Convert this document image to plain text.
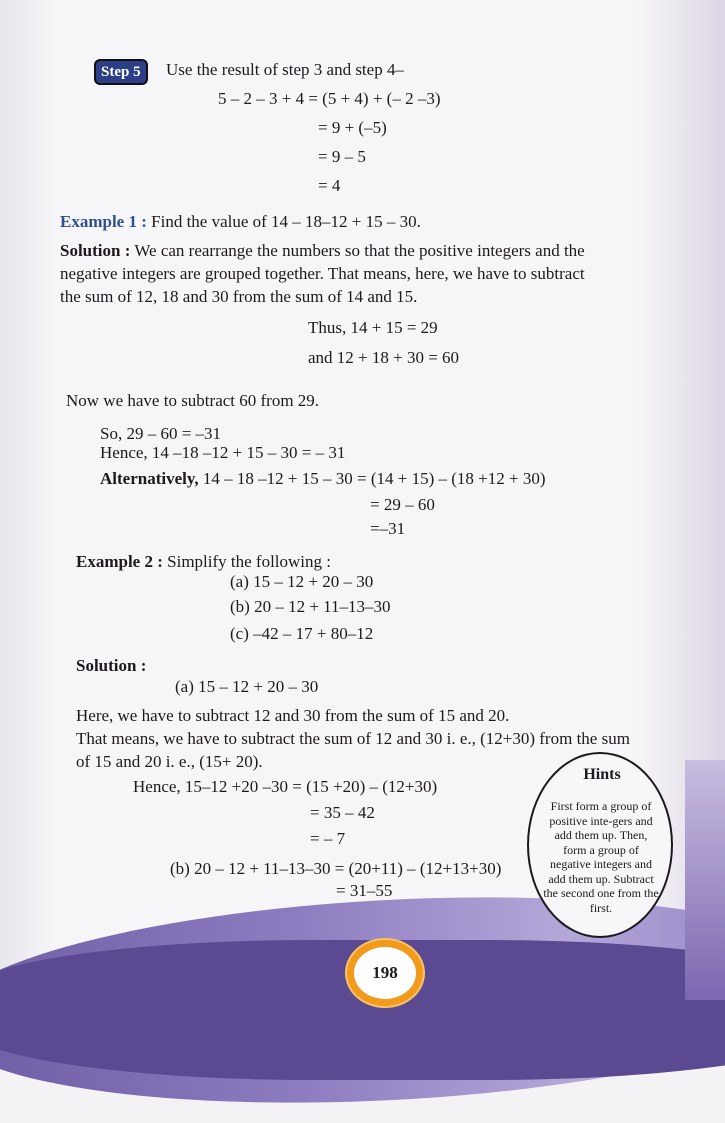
Step 5	Use the result of step 3 and step 4–
5 – 2 – 3 + 4 = (5 + 4) + (– 2 –3)
= 9 + (–5)
= 9 – 5
= 4
Example 1 : Find the value of 14 – 18–12 + 15 – 30.
Solution : We can rearrange the numbers so that the positive integers and the
negative integers are grouped together. That means, here, we have to subtract
the sum of 12, 18 and 30 from the sum of 14 and 15.
Thus, 14 + 15 = 29
and 12 + 18 + 30 = 60
Now we have to subtract 60 from 29.
So, 29 – 60 = –31
Hence, 14 –18 –12 + 15 – 30 = – 31
Alternatively, 14 – 18 –12 + 15 – 30 = (14 + 15) – (18 +12 + 30)
= 29 – 60
=–31
Example 2 : Simplify the following :
(a) 15 – 12 + 20 – 30
(b) 20 – 12 + 11–13–30
(c) –42 – 17 + 80–12
Solution :
(a) 15 – 12 + 20 – 30
Here, we have to subtract 12 and 30 from the sum of 15 and 20.
That means, we have to subtract the sum of 12 and 30 i. e., (12+30) from the sum
of 15 and 20 i. e., (15+ 20).
Hence, 15–12 +20 –30 = (15 +20) – (12+30)
= 35 – 42
= – 7
(b) 20 – 12 + 11–13–30 = (20+11) – (12+13+30)
= 31–55
Hints
First form a group of positive inte-gers and add them up. Then, form a group of negative integers and add them up. Subtract the second one from the first.
198
